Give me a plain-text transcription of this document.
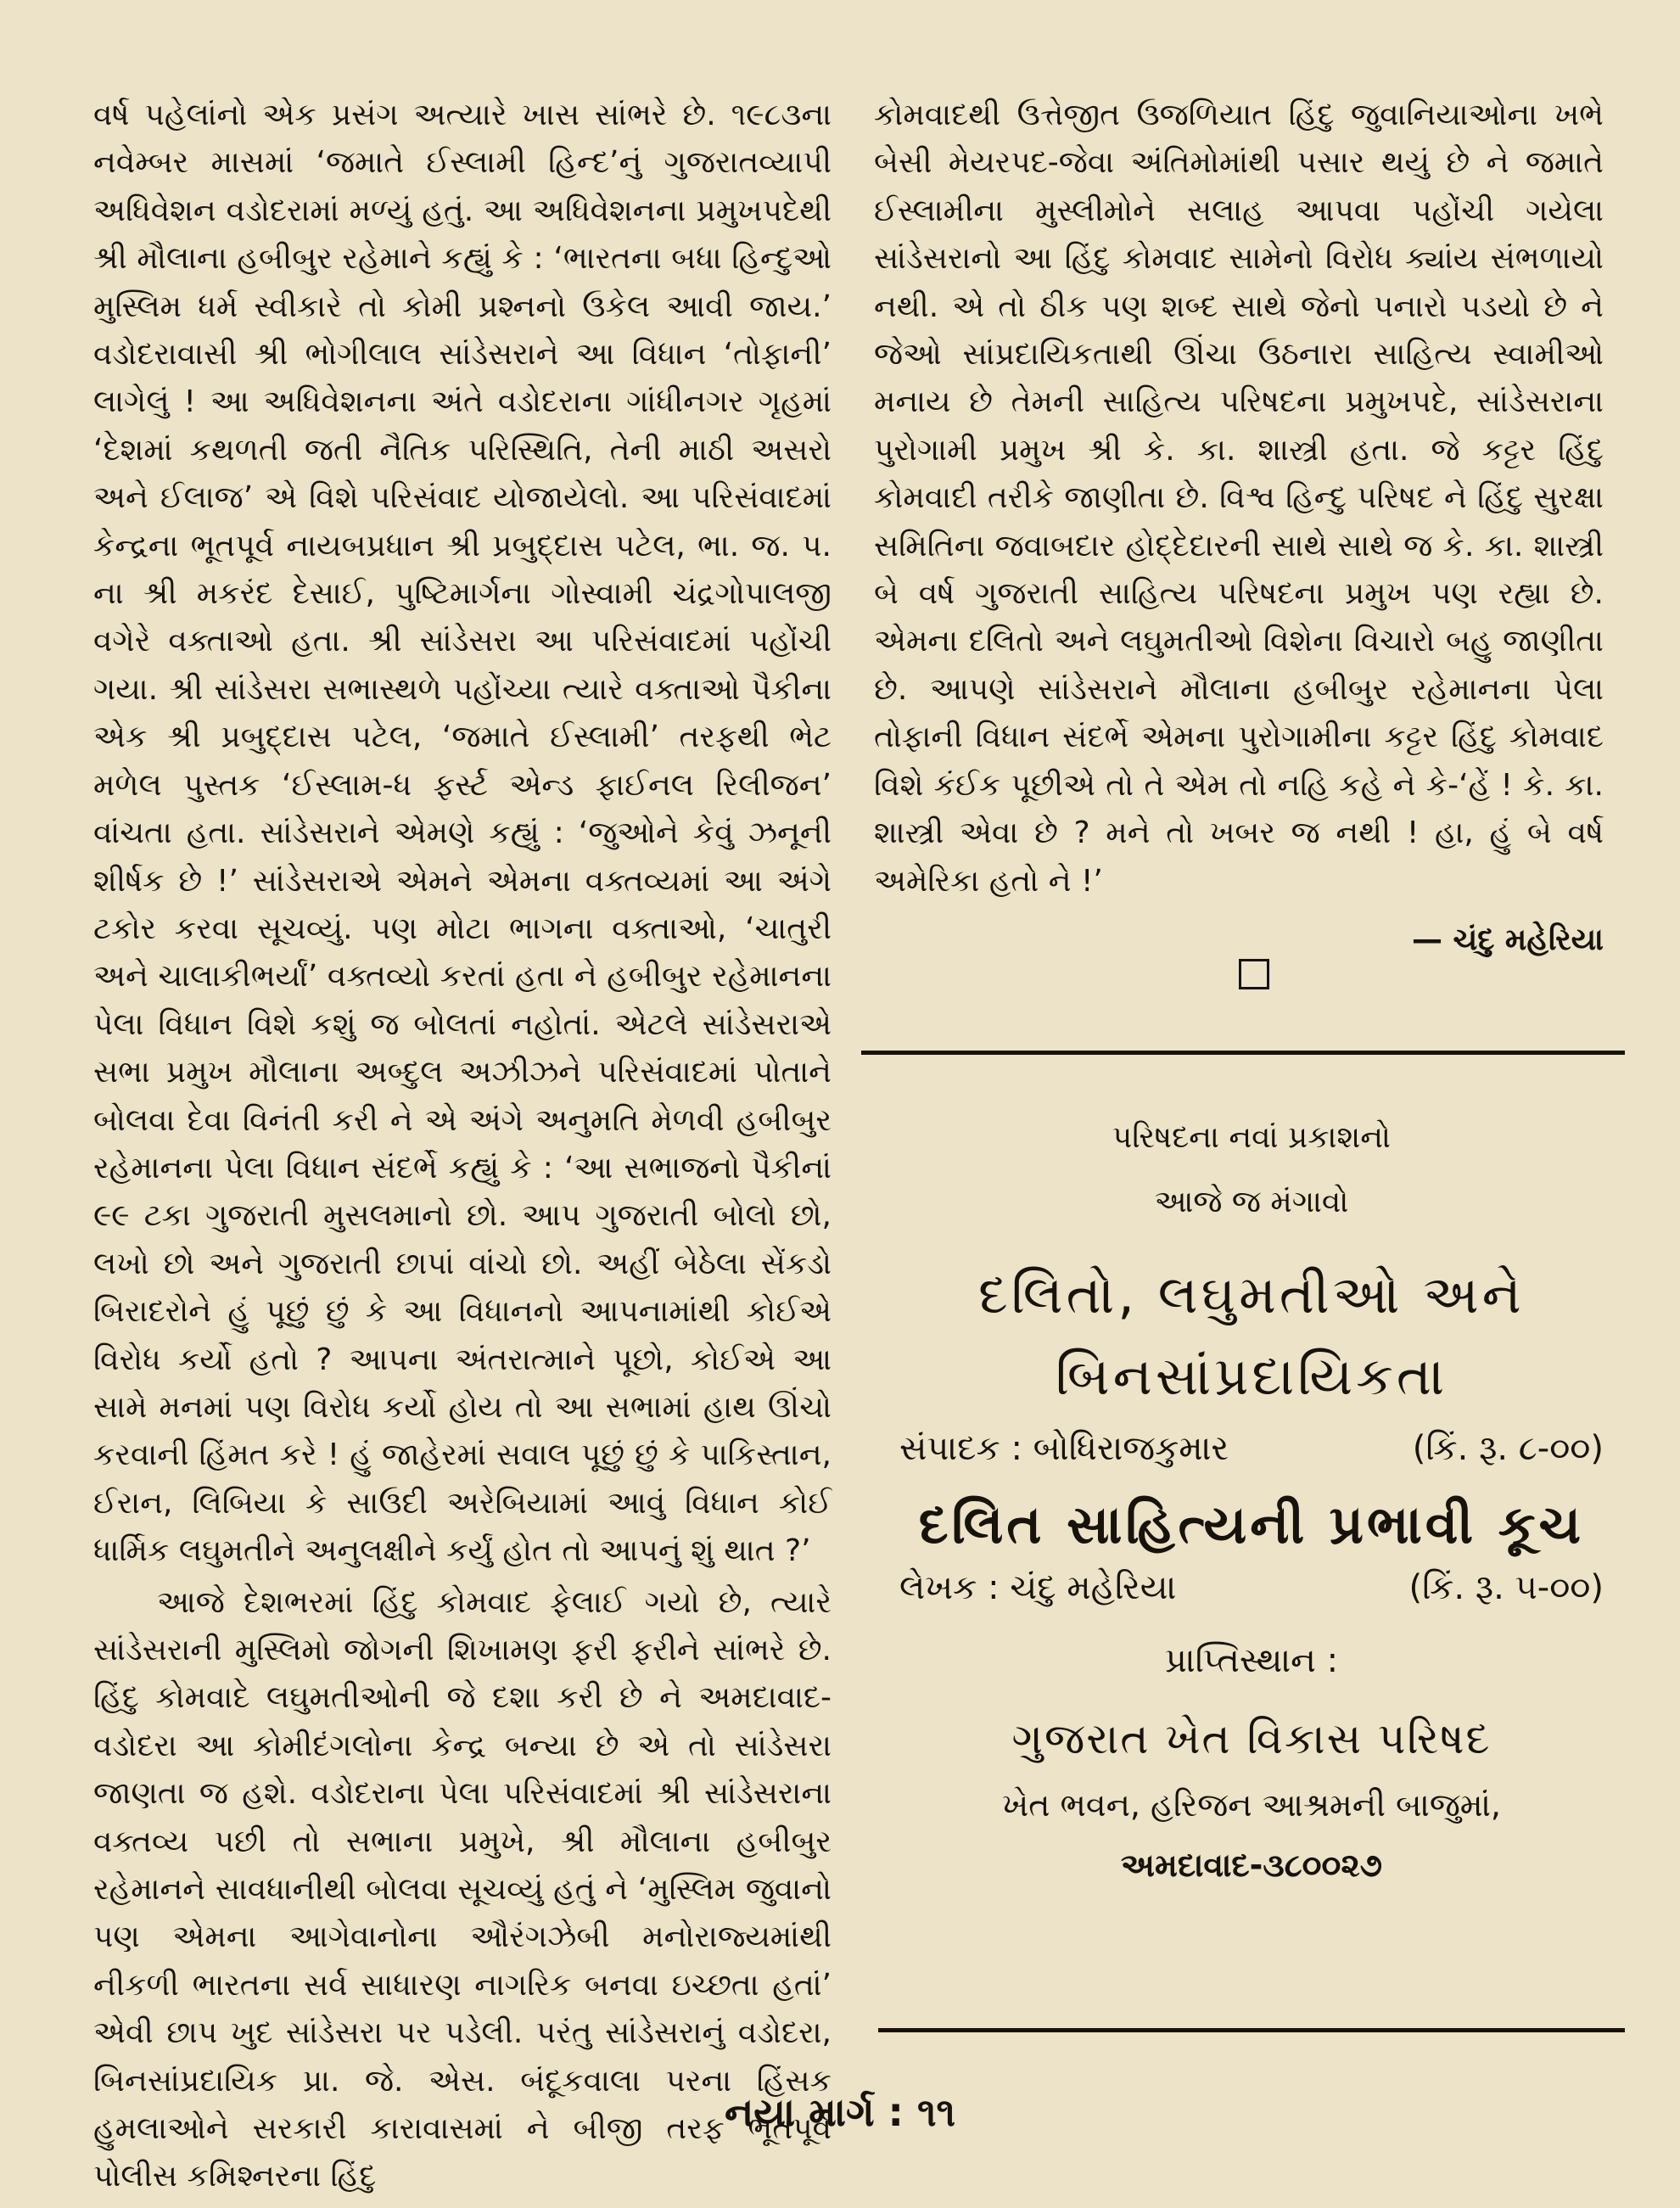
વર્ષ પહેલાંનો એક પ્રસંગ અત્યારે ખાસ સાંભરે છે. ૧૯૮૩ના નવેમ્બર માસમાં ‘જમાતે ઈસ્લામી હિન્દ’નું ગુજરાતવ્યાપી અધિવેશન વડોદરામાં મળ્યું હતું. આ અધિવેશનના પ્રમુખપદેથી શ્રી મૌલાના હબીબુર રહેમાને કહ્યું કે : ‘ભારતના બધા હિન્દુઓ મુસ્લિમ ધર્મ સ્વીકારે તો કોમી પ્રશ્નનો ઉકેલ આવી જાય.’ વડોદરાવાસી શ્રી ભોગીલાલ સાંડેસરાને આ વિધાન ‘તોફાની’ લાગેલું ! આ અધિવેશનના અંતે વડોદરાના ગાંધીનગર ગૃહમાં ‘દેશમાં કથળતી જતી નૈતિક પરિસ્થિતિ, તેની માઠી અસરો અને ઈલાજ’ એ વિશે પરિસંવાદ યોજાયેલો. આ પરિસંવાદમાં કેન્દ્રના ભૂતપૂર્વ નાયબપ્રધાન શ્રી પ્રબુદ્દાસ પટેલ, ભા. જ. પ. ના શ્રી મકરંદ દેસાઈ, પુષ્ટિમાર્ગના ગોસ્વામી ચંદ્રગોપાલજી વગેરે વક્તાઓ હતા. શ્રી સાંડેસરા આ પરિસંવાદમાં પહોંચી ગયા. શ્રી સાંડેસરા સભાસ્થળે પહોંચ્યા ત્યારે વક્તાઓ પૈકીના એક શ્રી પ્રબુદ્દાસ પટેલ, ‘જમાતે ઈસ્લામી’ તરફથી ભેટ મળેલ પુસ્તક ‘ઈસ્લામ-ધ ફર્સ્ટ એન્ડ ફાઈનલ રિલીજન’ વાંચતા હતા. સાંડેસરાને એમણે કહ્યું : ‘જુઓને કેવું ઝનૂની શીર્ષક છે !’ સાંડેસરાએ એમને એમના વક્તવ્યમાં આ અંગે ટકોર કરવા સૂચવ્યું. પણ મોટા ભાગના વક્તાઓ, ‘ચાતુરી અને ચાલાકીભર્યાં’ વક્તવ્યો કરતાં હતા ને હબીબુર રહેમાનના પેલા વિધાન વિશે કશું જ બોલતાં નહોતાં. એટલે સાંડેસરાએ સભા પ્રમુખ મૌલાના અબ્દુલ અઝીઝને પરિસંવાદમાં પોતાને બોલવા દેવા વિનંતી કરી ને એ અંગે અનુમતિ મેળવી હબીબુર રહેમાનના પેલા વિધાન સંદર્ભે કહ્યું કે : ‘આ સભાજનો પૈકીનાં ૯૯ ટકા ગુજરાતી મુસલમાનો છો. આપ ગુજરાતી બોલો છો, લખો છો અને ગુજરાતી છાપાં વાંચો છો. અહીં બેઠેલા સેંકડો બિરાદરોને હું પૂછું છું કે આ વિધાનનો આપનામાંથી કોઈએ વિરોધ કર્યો હતો ? આપના અંતરાત્માને પૂછો, કોઈએ આ સામે મનમાં પણ વિરોધ કર્યો હોય તો આ સભામાં હાથ ઊંચો કરવાની હિંમત કરે ! હું જાહેરમાં સવાલ પૂછું છું કે પાકિસ્તાન, ઈરાન, લિબિયા કે સાઉદી અરેબિયામાં આવું વિધાન કોઈ ધાર્મિક લઘુમતીને અનુલક્ષીને કર્યું હોત તો આપનું શું થાત ?’

આજે દેશભરમાં હિંદુ કોમવાદ ફેલાઈ ગયો છે, ત્યારે સાંડેસરાની મુસ્લિમો જોગની શિખામણ ફરી ફરીને સાંભરે છે. હિંદુ કોમવાદે લઘુમતીઓની જે દશા કરી છે ને અમદાવાદ-વડોદરા આ કોમીદંગલોના કેન્દ્ર બન્યા છે એ તો સાંડેસરા જાણતા જ હશે. વડોદરાના પેલા પરિસંવાદમાં શ્રી સાંડેસરાના વક્તવ્ય પછી તો સભાના પ્રમુખે, શ્રી મૌલાના હબીબુર રહેમાનને સાવધાનીથી બોલવા સૂચવ્યું હતું ને ‘મુસ્લિમ જુવાનો પણ એમના આગેવાનોના ઔરંગઝેબી મનોરાજ્યમાંથી નીકળી ભારતના સર્વ સાધારણ નાગરિક બનવા ઇચ્છતા હતાં’ એવી છાપ ખુદ સાંડેસરા પર પડેલી. પરંતુ સાંડેસરાનું વડોદરા, બિનસાંપ્રદાયિક પ્રા. જે. એસ. બંદૂકવાલા પરના હિંસક હુમલાઓને સરકારી કારાવાસમાં ને બીજી તરફ ભૂતપૂર્વ પોલીસ કમિશ્નરના હિંદુ

કોમવાદથી ઉત્તેજીત ઉજળિયાત હિંદુ જુવાનિયાઓના ખભે બેસી મેયરપદ-જેવા અંતિમોમાંથી પસાર થયું છે ને જમાતે ઈસ્લામીના મુસ્લીમોને સલાહ આપવા પહોંચી ગયેલા સાંડેસરાનો આ હિંદુ કોમવાદ સામેનો વિરોધ ક્યાંય સંભળાયો નથી. એ તો ઠીક પણ શબ્દ સાથે જેનો પનારો પડયો છે ને જેઓ સાંપ્રદાયિકતાથી ઊંચા ઉઠનારા સાહિત્ય સ્વામીઓ મનાય છે તેમની સાહિત્ય પરિષદના પ્રમુખપદે, સાંડેસરાના પુરોગામી પ્રમુખ શ્રી કે. કા. શાસ્ત્રી હતા. જે કટ્ટર હિંદુ કોમવાદી તરીકે જાણીતા છે. વિશ્વ હિન્દુ પરિષદ ને હિંદુ સુરક્ષા સમિતિના જવાબદાર હોદ્દેદારની સાથે સાથે જ કે. કા. શાસ્ત્રી બે વર્ષ ગુજરાતી સાહિત્ય પરિષદના પ્રમુખ પણ રહ્યા છે. એમના દલિતો અને લઘુમતીઓ વિશેના વિચારો બહુ જાણીતા છે. આપણે સાંડેસરાને મૌલાના હબીબુર રહેમાનના પેલા તોફાની વિધાન સંદર્ભે એમના પુરોગામીના કટ્ટર હિંદુ કોમવાદ વિશે કંઈક પૂછીએ તો તે એમ તો નહિ કહે ને કે-‘હેં ! કે. કા. શાસ્ત્રી એવા છે ? મને તો ખબર જ નથી ! હા, હું બે વર્ષ અમેરિકા હતો ને !’

— ચંદુ મહેરિયા
પરિષદના નવાં પ્રકાશનો
આજે જ મંગાવો
દલિતો, લઘુમતીઓ અને
બિનસાંપ્રદાયિકતા
સંપાદક : બોધિરાજકુમાર	(કિં. રૂ. ૮-૦૦)
દલિત સાહિત્યની પ્રભાવી કૂચ
લેખક : ચંદુ મહેરિયા	(કિં. રૂ. ૫-૦૦)
પ્રાપ્તિસ્થાન :
ગુજરાત ખેત વિકાસ પરિષદ
ખેત ભવન, હરિજન આશ્રમની બાજુમાં,
અમદાવાદ-૩૮૦૦૨૭
નયા માર્ગ : ૧૧
